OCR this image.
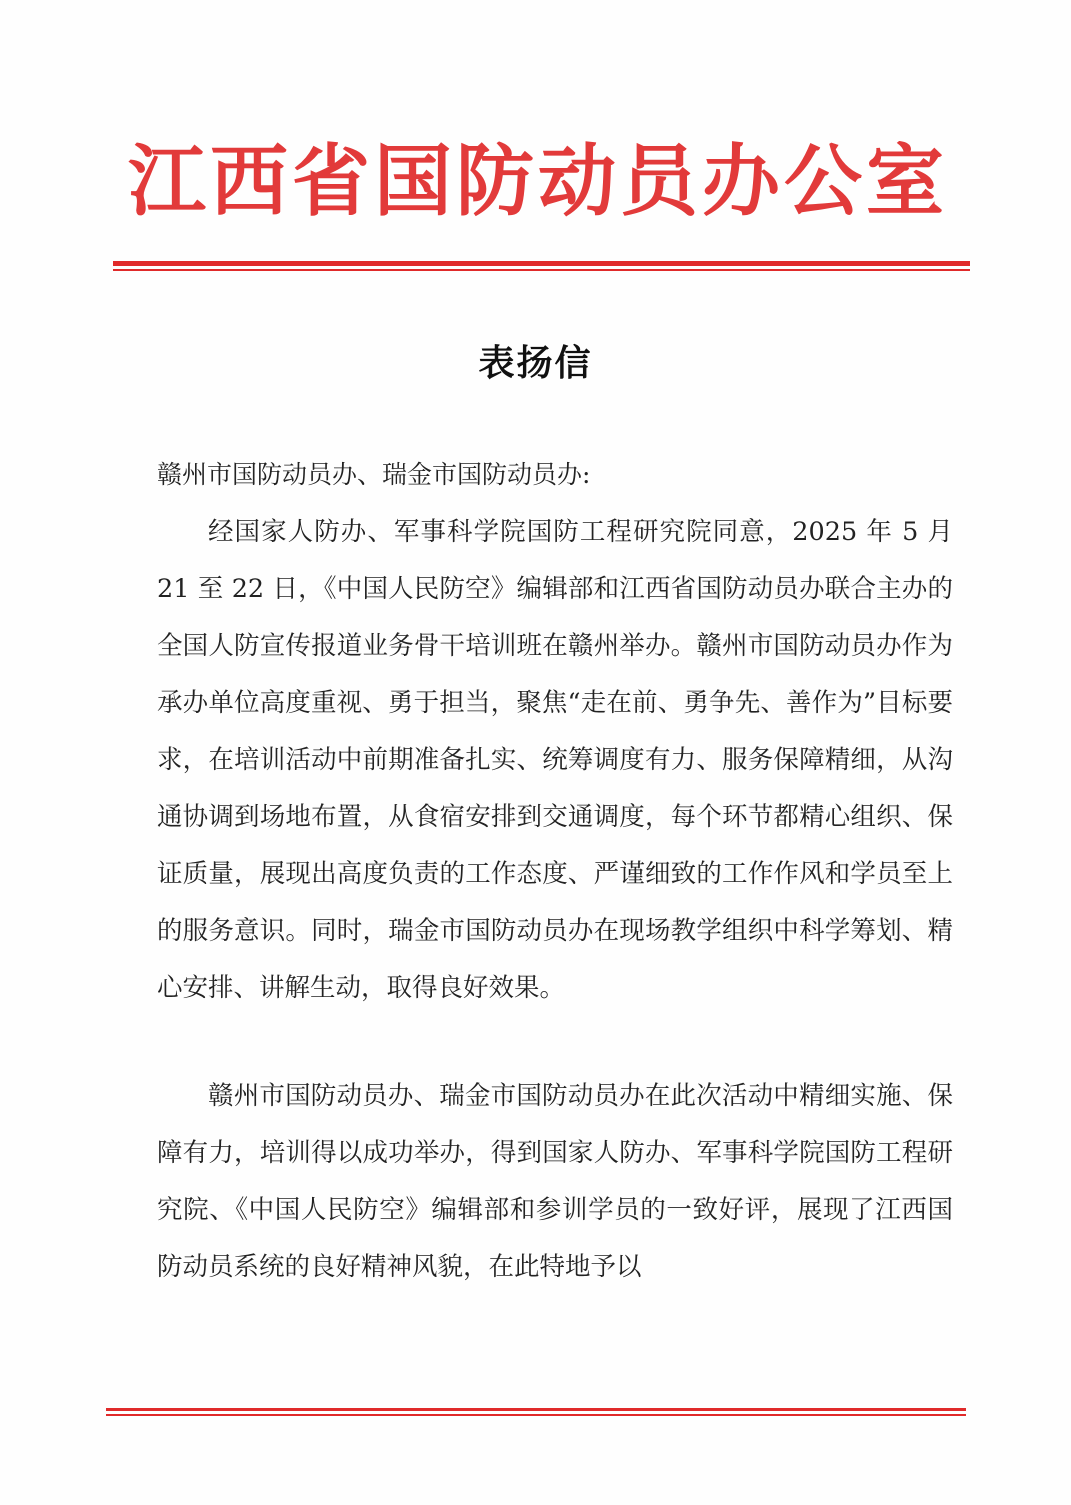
江西省国防动员办公室
表扬信
赣州市国防动员办、瑞金市国防动员办:

经国家人防办、军事科学院国防工程研究院同意，2025 年 5 月 21 至 22 日，《中国人民防空》编辑部和江西省国防动员办联合主办的全国人防宣传报道业务骨干培训班在赣州举办。赣州市国防动员办作为承办单位高度重视、勇于担当，聚焦“走在前、勇争先、善作为”目标要求，在培训活动中前期准备扎实、统筹调度有力、服务保障精细，从沟通协调到场地布置，从食宿安排到交通调度，每个环节都精心组织、保证质量，展现出高度负责的工作态度、严谨细致的工作作风和学员至上的服务意识。同时，瑞金市国防动员办在现场教学组织中科学筹划、精心安排、讲解生动，取得良好效果。

赣州市国防动员办、瑞金市国防动员办在此次活动中精细实施、保障有力，培训得以成功举办，得到国家人防办、军事科学院国防工程研究院、《中国人民防空》编辑部和参训学员的一致好评，展现了江西国防动员系统的良好精神风貌，在此特地予以
